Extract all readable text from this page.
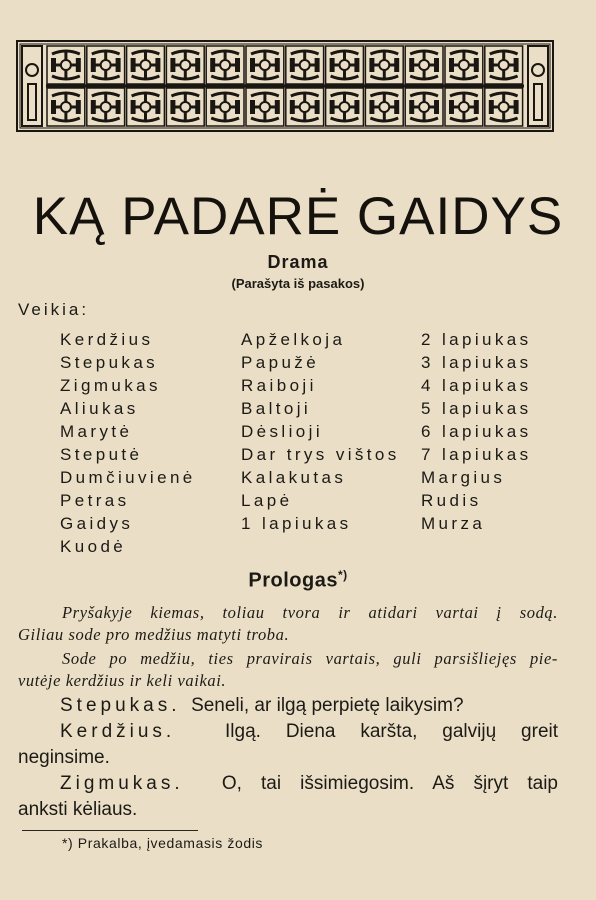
KĄ PADARĖ GAIDYS
Drama
(Parašyta iš pasakos)
Veikia:
Kerdžius
Stepukas
Zigmukas
Aliukas
Marytė
Steputė
Dumčiuvienė
Petras
Gaidys
Kuodė
Apželkoja
Papužė
Raiboji
Baltoji
Dėslioji
Dar trys vištos
Kalakutas
Lapė
1 lapiukas
2 lapiukas
3 lapiukas
4 lapiukas
5 lapiukas
6 lapiukas
7 lapiukas
Margius
Rudis
Murza
Prologas*)
Pryšakyje kiemas, toliau tvora ir atidari vartai į sodą.
Giliau sode pro medžius matyti troba.
Sode po medžiu, ties pravirais vartais, guli parsišliejęs pie-
vutėje kerdžius ir keli vaikai.
Stepukas. Seneli, ar ilgą perpietę laikysim?
Kerdžius.	Ilgą. Diena karšta, galvijų greit
neginsime.
Zigmukas. O, tai išsimiegosim. Aš šįryt taip
anksti kėliaus.
*) Prakalba, įvedamasis žodis
